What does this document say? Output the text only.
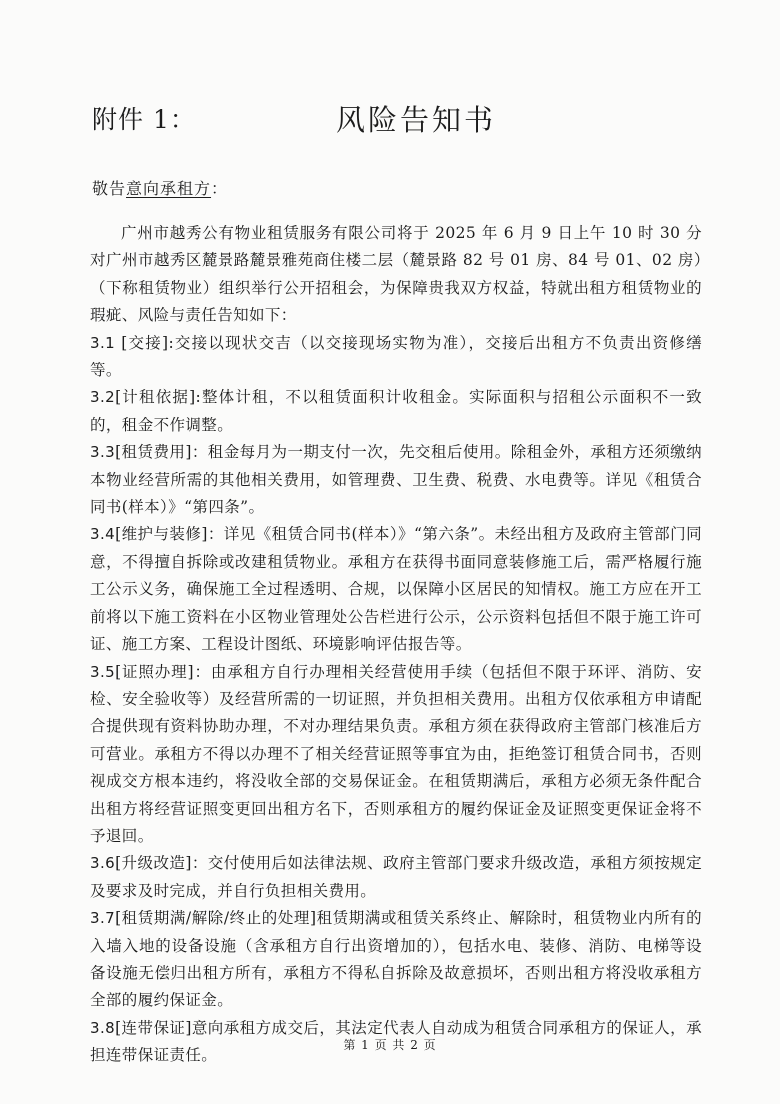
附件 1：	风险告知书
敬告意向承租方：

广州市越秀公有物业租赁服务有限公司将于 2025 年 6 月 9 日上午 10 时 30 分对广州市越秀区麓景路麓景雅苑商住楼二层（麓景路 82 号 01 房、84 号 01、02 房）（下称租赁物业）组织举行公开招租会，为保障贵我双方权益，特就出租方租赁物业的瑕疵、风险与责任告知如下：

3.1 [交接]:交接以现状交吉（以交接现场实物为准），交接后出租方不负责出资修缮等。

3.2[计租依据]:整体计租，不以租赁面积计收租金。实际面积与招租公示面积不一致的，租金不作调整。

3.3[租赁费用]：租金每月为一期支付一次，先交租后使用。除租金外，承租方还须缴纳本物业经营所需的其他相关费用，如管理费、卫生费、税费、水电费等。详见《租赁合同书(样本）》“第四条”。

3.4[维护与装修]：详见《租赁合同书(样本）》“第六条”。未经出租方及政府主管部门同意，不得擅自拆除或改建租赁物业。承租方在获得书面同意装修施工后，需严格履行施工公示义务，确保施工全过程透明、合规，以保障小区居民的知情权。施工方应在开工前将以下施工资料在小区物业管理处公告栏进行公示，公示资料包括但不限于施工许可证、施工方案、工程设计图纸、环境影响评估报告等。

3.5[证照办理]：由承租方自行办理相关经营使用手续（包括但不限于环评、消防、安检、安全验收等）及经营所需的一切证照，并负担相关费用。出租方仅依承租方申请配合提供现有资料协助办理，不对办理结果负责。承租方须在获得政府主管部门核准后方可营业。承租方不得以办理不了相关经营证照等事宜为由，拒绝签订租赁合同书，否则视成交方根本违约，将没收全部的交易保证金。在租赁期满后，承租方必须无条件配合出租方将经营证照变更回出租方名下，否则承租方的履约保证金及证照变更保证金将不予退回。

3.6[升级改造]：交付使用后如法律法规、政府主管部门要求升级改造，承租方须按规定及要求及时完成，并自行负担相关费用。

3.7[租赁期满/解除/终止的处理]租赁期满或租赁关系终止、解除时，租赁物业内所有的入墙入地的设备设施（含承租方自行出资增加的），包括水电、装修、消防、电梯等设备设施无偿归出租方所有，承租方不得私自拆除及故意损坏，否则出租方将没收承租方全部的履约保证金。

3.8[连带保证]意向承租方成交后，其法定代表人自动成为租赁合同承租方的保证人，承担连带保证责任。

第 1 页 共 2 页
